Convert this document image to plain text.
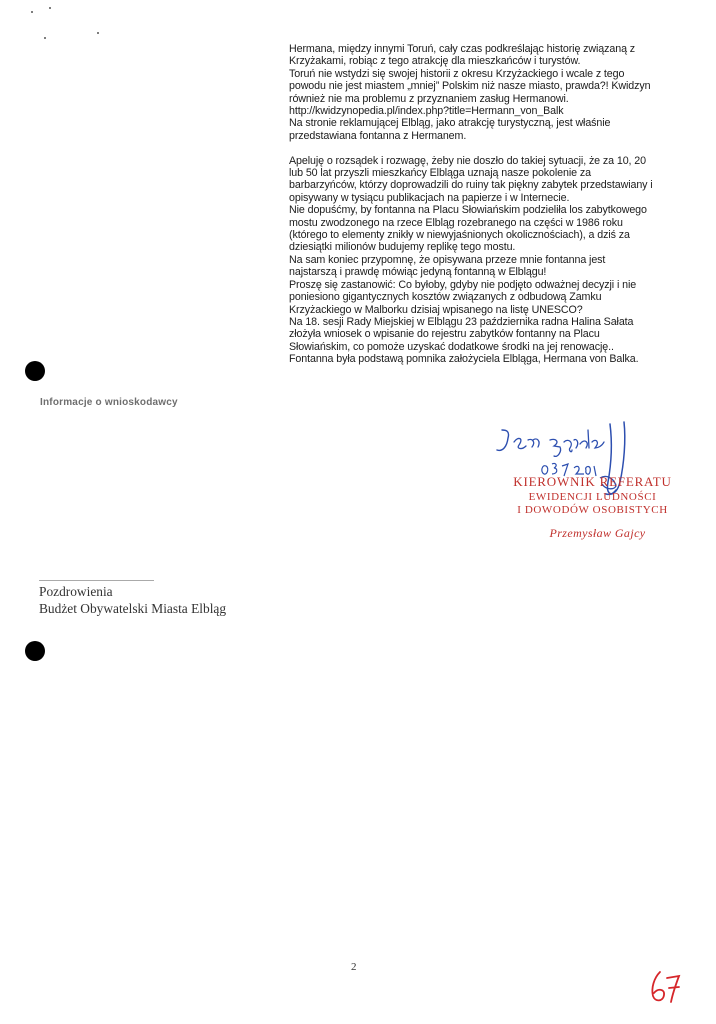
Hermana, między innymi Toruń, cały czas podkreślając historię związaną z
Krzyżakami, robiąc z tego atrakcję dla mieszkańców i turystów.
Toruń nie wstydzi się swojej historii z okresu Krzyżackiego i wcale z tego
powodu nie jest miastem „mniej” Polskim niż nasze miasto, prawda?! Kwidzyn
również nie ma problemu z przyznaniem zasług Hermanowi.
http://kwidzynopedia.pl/index.php?title=Hermann_von_Balk
Na stronie reklamującej Elbląg, jako atrakcję turystyczną, jest właśnie
przedstawiana fontanna z Hermanem.
Apeluję o rozsądek i rozwagę, żeby nie doszło do takiej sytuacji, że za 10, 20
lub 50 lat przyszli mieszkańcy Elbląga uznają nasze pokolenie za
barbarzyńców, którzy doprowadzili do ruiny tak piękny zabytek przedstawiany i
opisywany w tysiącu publikacjach na papierze i w Internecie.
Nie dopuśćmy, by fontanna na Placu Słowiańskim podzieliła los zabytkowego
mostu zwodzonego na rzece Elbląg rozebranego na części w 1986 roku
(którego to elementy znikły w niewyjaśnionych okolicznościach), a dziś za
dziesiątki milionów budujemy replikę tego mostu.
Na sam koniec przypomnę, że opisywana przeze mnie fontanna jest
najstarszą i prawdę mówiąc jedyną fontanną w Elblągu!
Proszę się zastanowić: Co byłoby, gdyby nie podjęto odważnej decyzji i nie
poniesiono gigantycznych kosztów związanych z odbudową Zamku
Krzyżackiego w Malborku dzisiaj wpisanego na listę UNESCO?
Na 18. sesji Rady Miejskiej w Elblągu 23 października radna Halina Sałata
złożyła wniosek o wpisanie do rejestru zabytków fontanny na Placu
Słowiańskim, co pomoże uzyskać dodatkowe środki na jej renowację..
Fontanna była podstawą pomnika założyciela Elbląga, Hermana von Balka.
Informacje o wnioskodawcy
KIEROWNIK REFERATU
EWIDENCJI LUDNOŚCI
I DOWODÓW OSOBISTYCH
Przemysław Gajcy
Pozdrowienia
Budżet Obywatelski Miasta Elbląg
2
